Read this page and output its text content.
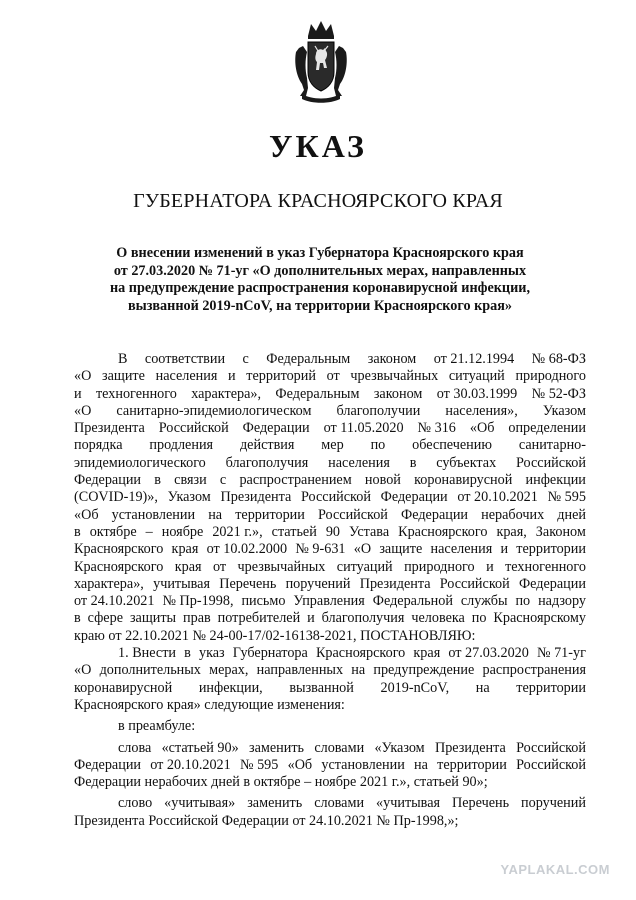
УКАЗ
ГУБЕРНАТОРА КРАСНОЯРСКОГО КРАЯ
О внесении изменений в указ Губернатора Красноярского края
от 27.03.2020 № 71-уг «О дополнительных мерах, направленных
на предупреждение распространения коронавирусной инфекции,
вызванной 2019-nCoV, на территории Красноярского края»
В соответствии с Федеральным законом от 21.12.1994 № 68-ФЗ
«О защите населения и территорий от чрезвычайных ситуаций природного
и техногенного характера», Федеральным законом от 30.03.1999 № 52-ФЗ
«О санитарно-эпидемиологическом благополучии населения», Указом
Президента Российской Федерации от 11.05.2020 № 316 «Об определении
порядка продления действия мер по обеспечению санитарно-
эпидемиологического благополучия населения в субъектах Российской
Федерации в связи с распространением новой коронавирусной инфекции
(COVID-19)», Указом Президента Российской Федерации от 20.10.2021 № 595
«Об установлении на территории Российской Федерации нерабочих дней
в октябре – ноябре 2021 г.», статьей 90 Устава Красноярского края, Законом
Красноярского края от 10.02.2000 № 9-631 «О защите населения и территории
Красноярского края от чрезвычайных ситуаций природного и техногенного
характера», учитывая Перечень поручений Президента Российской Федерации
от 24.10.2021 № Пр-1998, письмо Управления Федеральной службы по надзору
в сфере защиты прав потребителей и благополучия человека по Красноярскому
краю от 22.10.2021 № 24-00-17/02-16138-2021, ПОСТАНОВЛЯЮ:
1. Внести в указ Губернатора Красноярского края от 27.03.2020 № 71-уг
«О дополнительных мерах, направленных на предупреждение распространения
коронавирусной инфекции, вызванной 2019-nCoV, на территории
Красноярского края» следующие изменения:
в преамбуле:
слова «статьей 90» заменить словами «Указом Президента Российской
Федерации от 20.10.2021 № 595 «Об установлении на территории Российской
Федерации нерабочих дней в октябре – ноябре 2021 г.», статьей 90»;
слово «учитывая» заменить словами «учитывая Перечень поручений
Президента Российской Федерации от 24.10.2021 № Пр-1998,»;
YAPLAKAL.COM
